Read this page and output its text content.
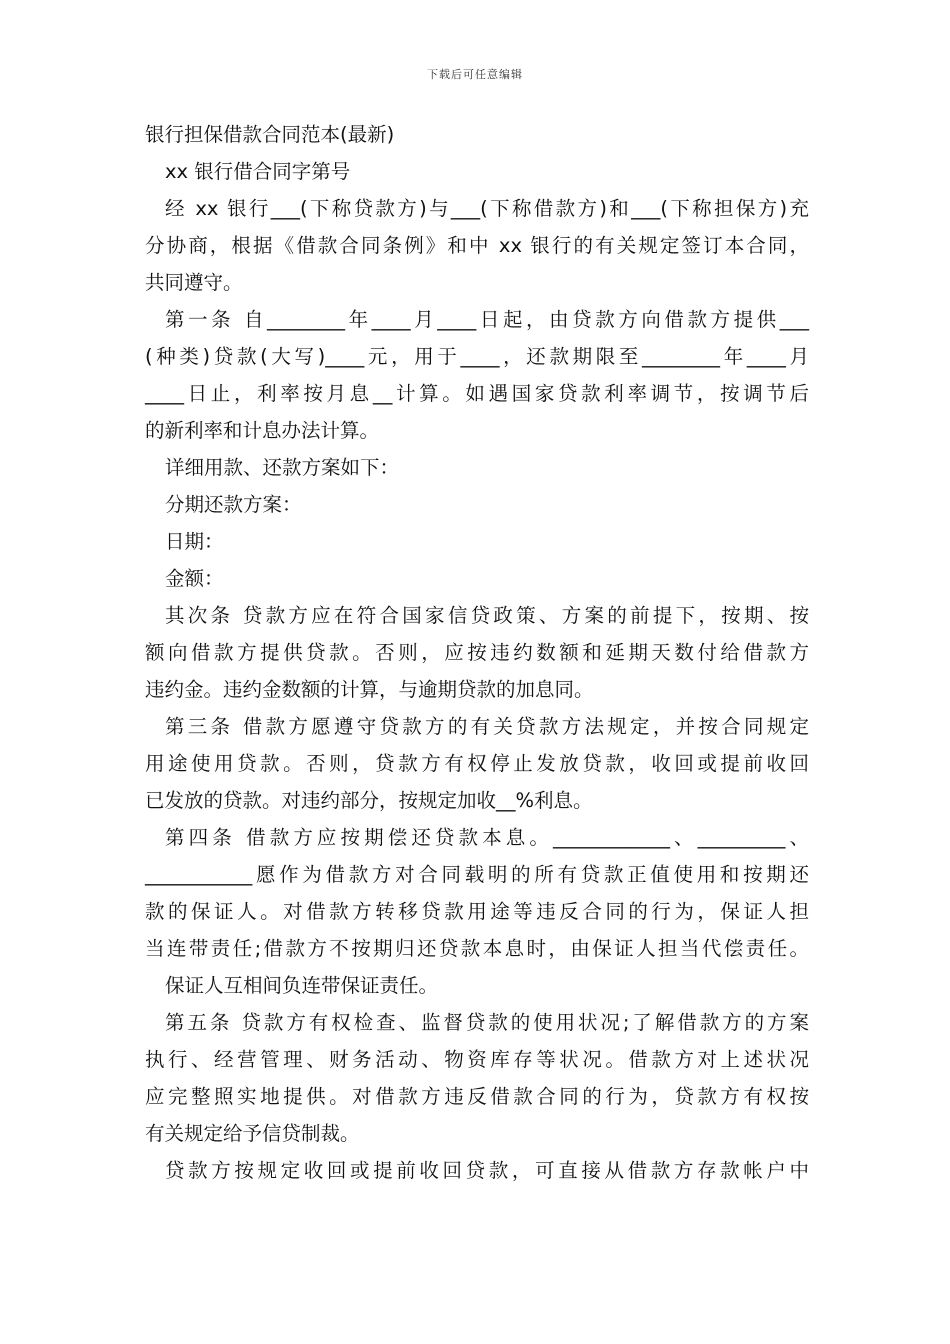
下载后可任意编辑
银行担保借款合同范本(最新)
xx 银行借合同字第号
经 xx 银行___(下称贷款方)与___(下称借款方)和___(下称担保方)充
分协商，根据《借款合同条例》和中 xx 银行的有关规定签订本合同，
共同遵守。
第一条 自________年____月____日起，由贷款方向借款方提供___
(种类)贷款(大写)____元，用于____，还款期限至________年____月
____日止，利率按月息__计算。如遇国家贷款利率调节，按调节后
的新利率和计息办法计算。
详细用款、还款方案如下：
分期还款方案：
日期：
金额：
其次条 贷款方应在符合国家信贷政策、方案的前提下，按期、按
额向借款方提供贷款。否则，应按违约数额和延期天数付给借款方
违约金。违约金数额的计算，与逾期贷款的加息同。
第三条 借款方愿遵守贷款方的有关贷款方法规定，并按合同规定
用途使用贷款。否则，贷款方有权停止发放贷款，收回或提前收回
已发放的贷款。对违约部分，按规定加收__%利息。
第四条 借款方应按期偿还贷款本息。____________、_________、
___________愿作为借款方对合同载明的所有贷款正值使用和按期还
款的保证人。对借款方转移贷款用途等违反合同的行为，保证人担
当连带责任;借款方不按期归还贷款本息时，由保证人担当代偿责任。
保证人互相间负连带保证责任。
第五条 贷款方有权检查、监督贷款的使用状况;了解借款方的方案
执行、经营管理、财务活动、物资库存等状况。借款方对上述状况
应完整照实地提供。对借款方违反借款合同的行为，贷款方有权按
有关规定给予信贷制裁。
贷款方按规定收回或提前收回贷款，可直接从借款方存款帐户中
